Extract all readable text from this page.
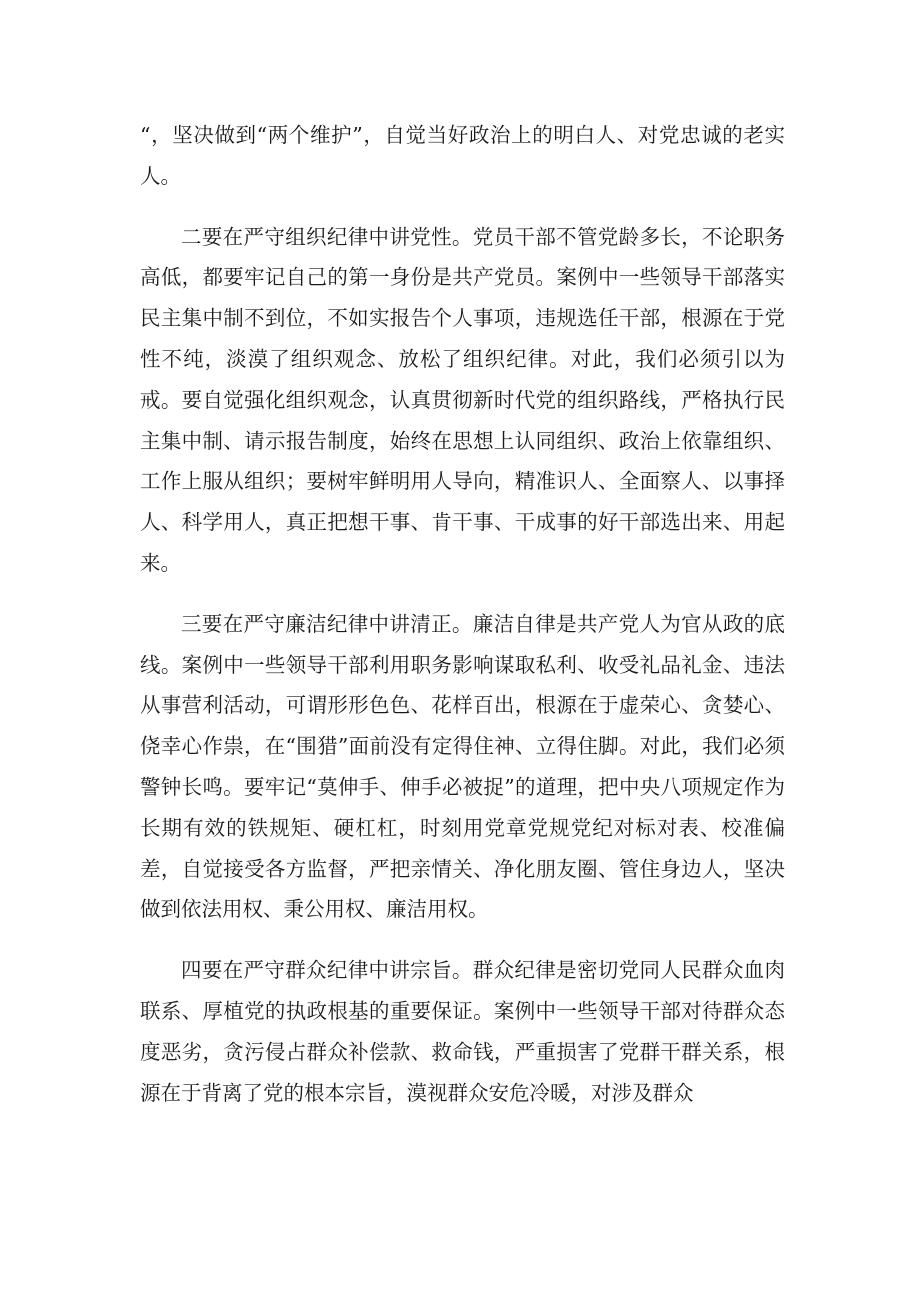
“，坚决做到“两个维护”，自觉当好政治上的明白人、对党忠诚的老实人。

二要在严守组织纪律中讲党性。党员干部不管党龄多长，不论职务高低，都要牢记自己的第一身份是共产党员。案例中一些领导干部落实民主集中制不到位，不如实报告个人事项，违规选任干部，根源在于党性不纯，淡漠了组织观念、放松了组织纪律。对此，我们必须引以为戒。要自觉强化组织观念，认真贯彻新时代党的组织路线，严格执行民主集中制、请示报告制度，始终在思想上认同组织、政治上依靠组织、工作上服从组织；要树牢鲜明用人导向，精准识人、全面察人、以事择人、科学用人，真正把想干事、肯干事、干成事的好干部选出来、用起来。

三要在严守廉洁纪律中讲清正。廉洁自律是共产党人为官从政的底线。案例中一些领导干部利用职务影响谋取私利、收受礼品礼金、违法从事营利活动，可谓形形色色、花样百出，根源在于虚荣心、贪婪心、侥幸心作祟，在“围猎”面前没有定得住神、立得住脚。对此，我们必须警钟长鸣。要牢记“莫伸手、伸手必被捉”的道理，把中央八项规定作为长期有效的铁规矩、硬杠杠，时刻用党章党规党纪对标对表、校准偏差，自觉接受各方监督，严把亲情关、净化朋友圈、管住身边人，坚决做到依法用权、秉公用权、廉洁用权。

四要在严守群众纪律中讲宗旨。群众纪律是密切党同人民群众血肉联系、厚植党的执政根基的重要保证。案例中一些领导干部对待群众态度恶劣，贪污侵占群众补偿款、救命钱，严重损害了党群干群关系，根源在于背离了党的根本宗旨，漠视群众安危冷暖，对涉及群众
